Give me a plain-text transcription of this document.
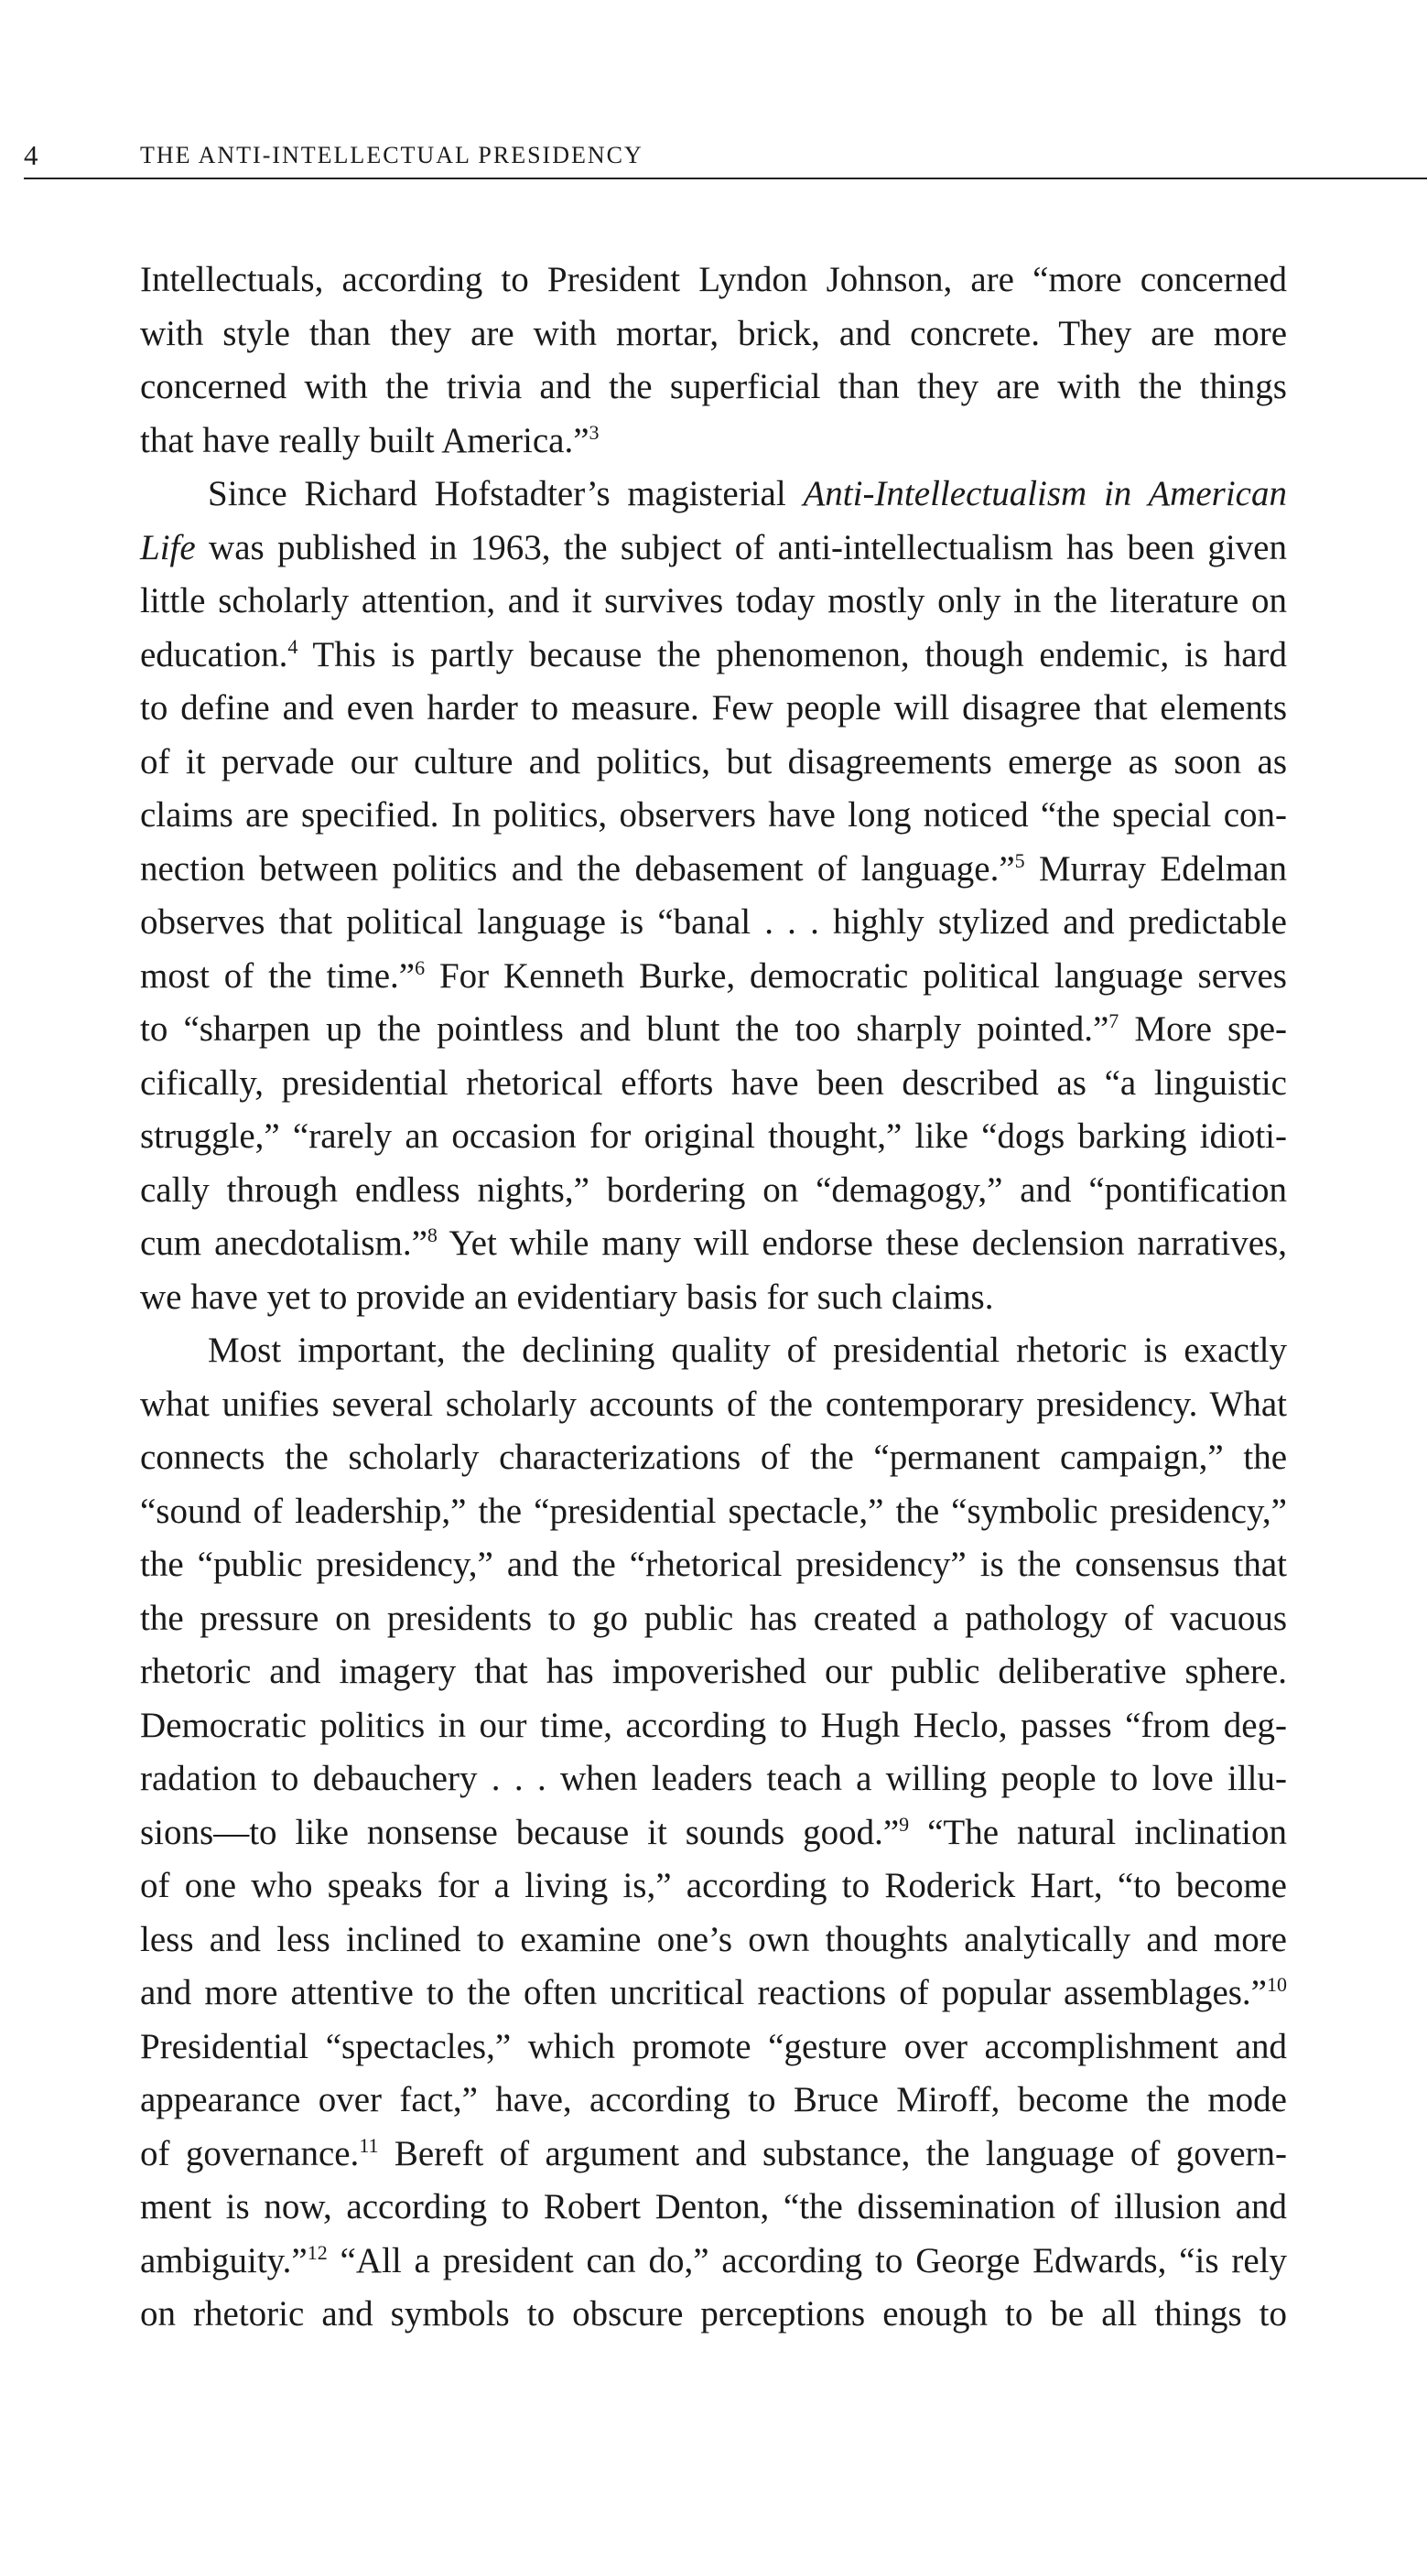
4	THE ANTI-INTELLECTUAL PRESIDENCY
Intellectuals, according to President Lyndon Johnson, are “more concerned
with style than they are with mortar, brick, and concrete. They are more
concerned with the trivia and the superficial than they are with the things
that have really built America.”$^3$
Since Richard Hofstadter’s magisterial Anti-Intellectualism in American
Life was published in 1963, the subject of anti-intellectualism has been given
little scholarly attention, and it survives today mostly only in the literature on
education.$^4$ This is partly because the phenomenon, though endemic, is hard
to define and even harder to measure. Few people will disagree that elements
of it pervade our culture and politics, but disagreements emerge as soon as
claims are specified. In politics, observers have long noticed “the special con-
nection between politics and the debasement of language.”$^5$ Murray Edelman
observes that political language is “banal . . . highly stylized and predictable
most of the time.”$^6$ For Kenneth Burke, democratic political language serves
to “sharpen up the pointless and blunt the too sharply pointed.”$^7$ More spe-
cifically, presidential rhetorical efforts have been described as “a linguistic
struggle,” “rarely an occasion for original thought,” like “dogs barking idioti-
cally through endless nights,” bordering on “demagogy,” and “pontification
cum anecdotalism.”$^8$ Yet while many will endorse these declension narratives,
we have yet to provide an evidentiary basis for such claims.
Most important, the declining quality of presidential rhetoric is exactly
what unifies several scholarly accounts of the contemporary presidency. What
connects the scholarly characterizations of the “permanent campaign,” the
“sound of leadership,” the “presidential spectacle,” the “symbolic presidency,”
the “public presidency,” and the “rhetorical presidency” is the consensus that
the pressure on presidents to go public has created a pathology of vacuous
rhetoric and imagery that has impoverished our public deliberative sphere.
Democratic politics in our time, according to Hugh Heclo, passes “from deg-
radation to debauchery . . . when leaders teach a willing people to love illu-
sions—to like nonsense because it sounds good.”$^9$ “The natural inclination
of one who speaks for a living is,” according to Roderick Hart, “to become
less and less inclined to examine one’s own thoughts analytically and more
and more attentive to the often uncritical reactions of popular assemblages.”$^{10}$
Presidential “spectacles,” which promote “gesture over accomplishment and
appearance over fact,” have, according to Bruce Miroff, become the mode
of governance.$^{11}$ Bereft of argument and substance, the language of govern-
ment is now, according to Robert Denton, “the dissemination of illusion and
ambiguity.”$^{12}$ “All a president can do,” according to George Edwards, “is rely
on rhetoric and symbols to obscure perceptions enough to be all things to
